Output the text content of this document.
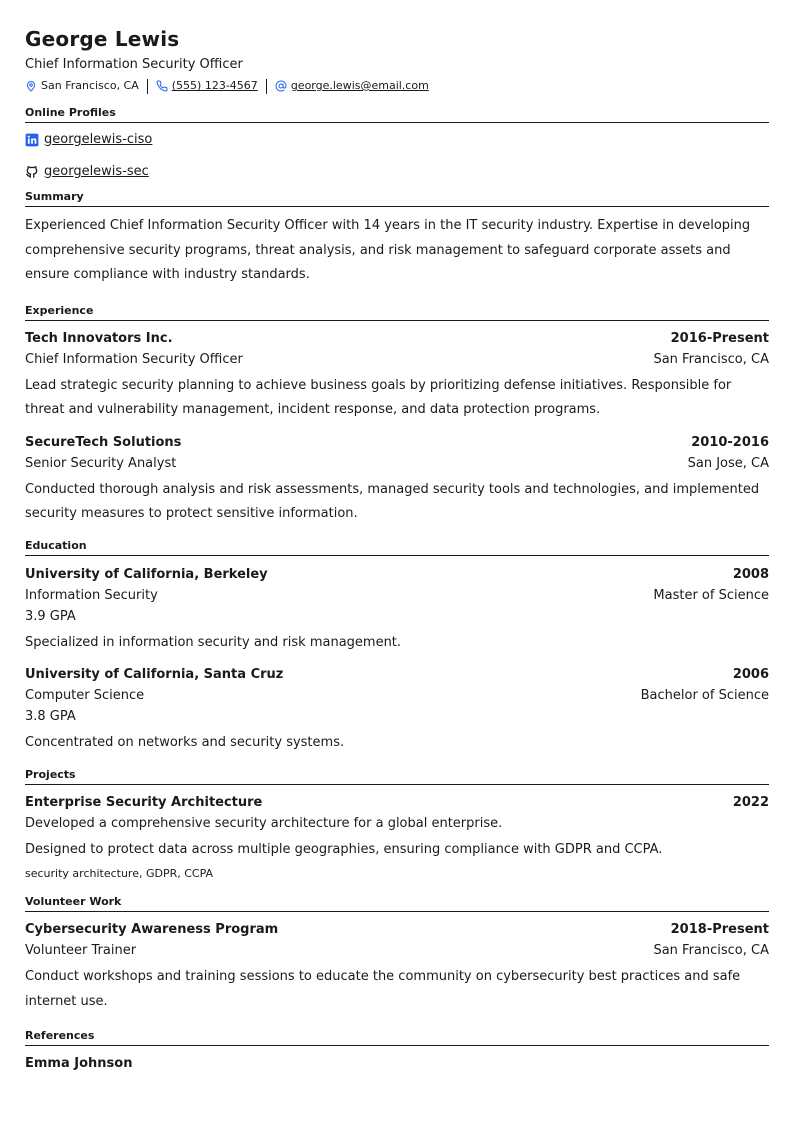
George Lewis
Chief Information Security Officer
San Francisco, CA	(555) 123-4567	george.lewis@email.com
Online Profiles
georgelewis-ciso
georgelewis-sec
Summary

Experienced Chief Information Security Officer with 14 years in the IT security industry. Expertise in developing comprehensive security programs, threat analysis, and risk management to safeguard corporate assets and ensure compliance with industry standards.

Experience
Tech Innovators Inc.	2016-Present
Chief Information Security Officer	San Francisco, CA

Lead strategic security planning to achieve business goals by prioritizing defense initiatives. Responsible for threat and vulnerability management, incident response, and data protection programs.

SecureTech Solutions	2010-2016
Senior Security Analyst	San Jose, CA

Conducted thorough analysis and risk assessments, managed security tools and technologies, and implemented security measures to protect sensitive information.

Education
University of California, Berkeley	2008
Information Security	Master of Science
3.9 GPA

Specialized in information security and risk management.

University of California, Santa Cruz	2006
Computer Science	Bachelor of Science
3.8 GPA

Concentrated on networks and security systems.

Projects
Enterprise Security Architecture	2022
Developed a comprehensive security architecture for a global enterprise.

Designed to protect data across multiple geographies, ensuring compliance with GDPR and CCPA.

security architecture, GDPR, CCPA
Volunteer Work
Cybersecurity Awareness Program	2018-Present
Volunteer Trainer	San Francisco, CA

Conduct workshops and training sessions to educate the community on cybersecurity best practices and safe internet use.

References
Emma Johnson
